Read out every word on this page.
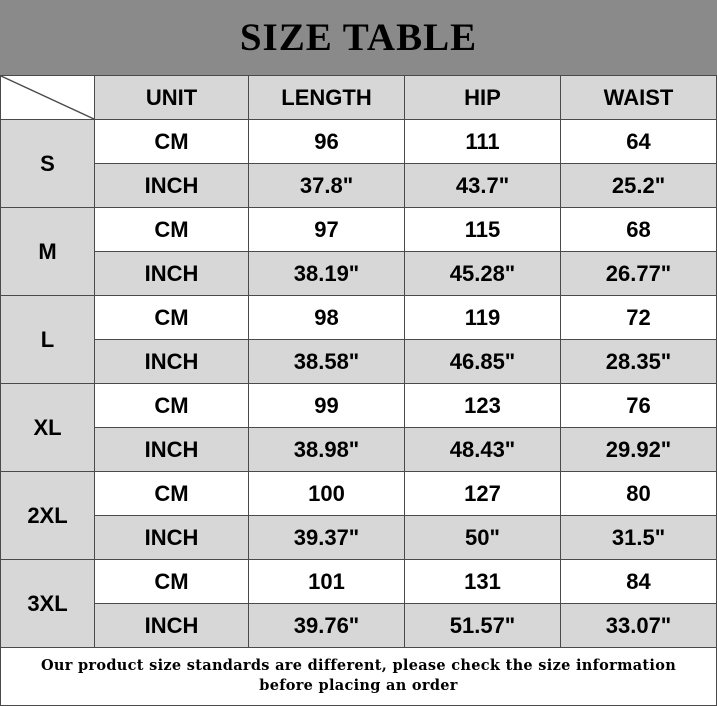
SIZE TABLE
	UNIT	LENGTH	HIP	WAIST
S	CM	96	111	64
	INCH	37.8"	43.7"	25.2"
M	CM	97	115	68
	INCH	38.19"	45.28"	26.77"
L	CM	98	119	72
	INCH	38.58"	46.85"	28.35"
XL	CM	99	123	76
	INCH	38.98"	48.43"	29.92"
2XL	CM	100	127	80
	INCH	39.37"	50"	31.5"
3XL	CM	101	131	84
	INCH	39.76"	51.57"	33.07"
Our product size standards are different, please check the size information
before placing an order
